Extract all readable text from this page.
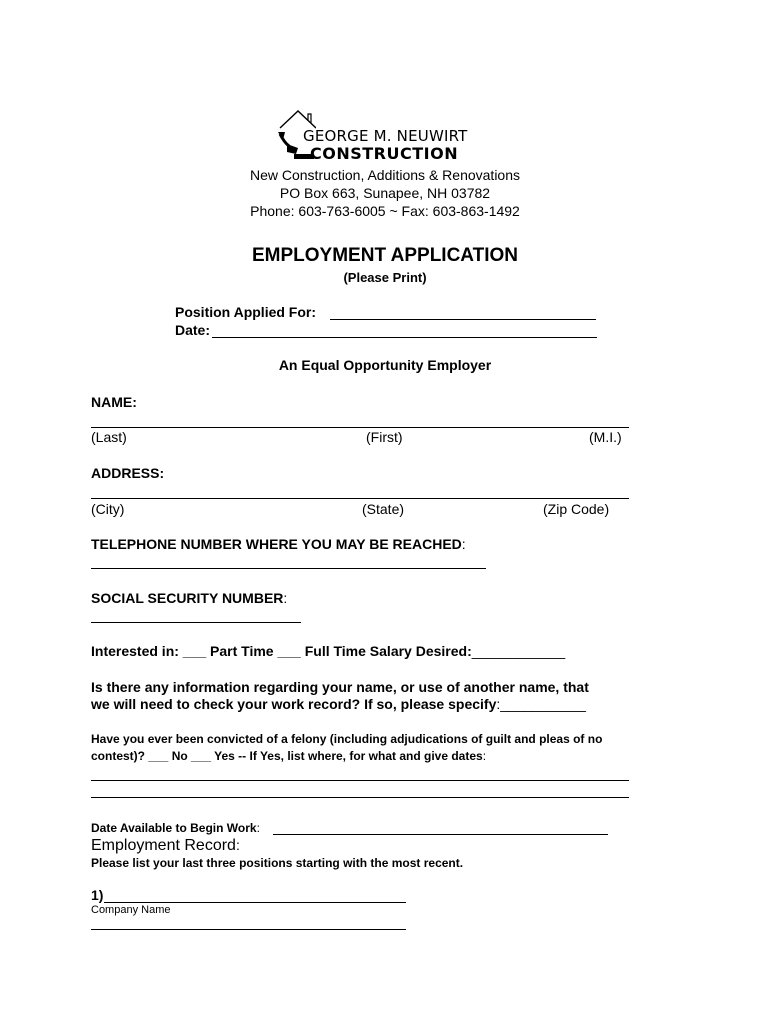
GEORGE M. NEUWIRT
CONSTRUCTION
New Construction, Additions & Renovations
PO Box 663, Sunapee, NH 03782
Phone: 603-763-6005 ~ Fax: 603-863-1492
EMPLOYMENT APPLICATION
(Please Print)
Position Applied For:
Date:
An Equal Opportunity Employer
NAME:
(Last)	(First)	(M.I.)
ADDRESS:
(City)	(State)	(Zip Code)
TELEPHONE NUMBER WHERE YOU MAY BE REACHED:
SOCIAL SECURITY NUMBER:
Interested in: ___ Part Time ___ Full Time Salary Desired:____________
Is there any information regarding your name, or use of another name, that
we will need to check your work record? If so, please specify:___________
Have you ever been convicted of a felony (including adjudications of guilt and pleas of no
contest)? ___ No ___ Yes -- If Yes, list where, for what and give dates:
Date Available to Begin Work:
Employment Record:
Please list your last three positions starting with the most recent.
1)
Company Name
